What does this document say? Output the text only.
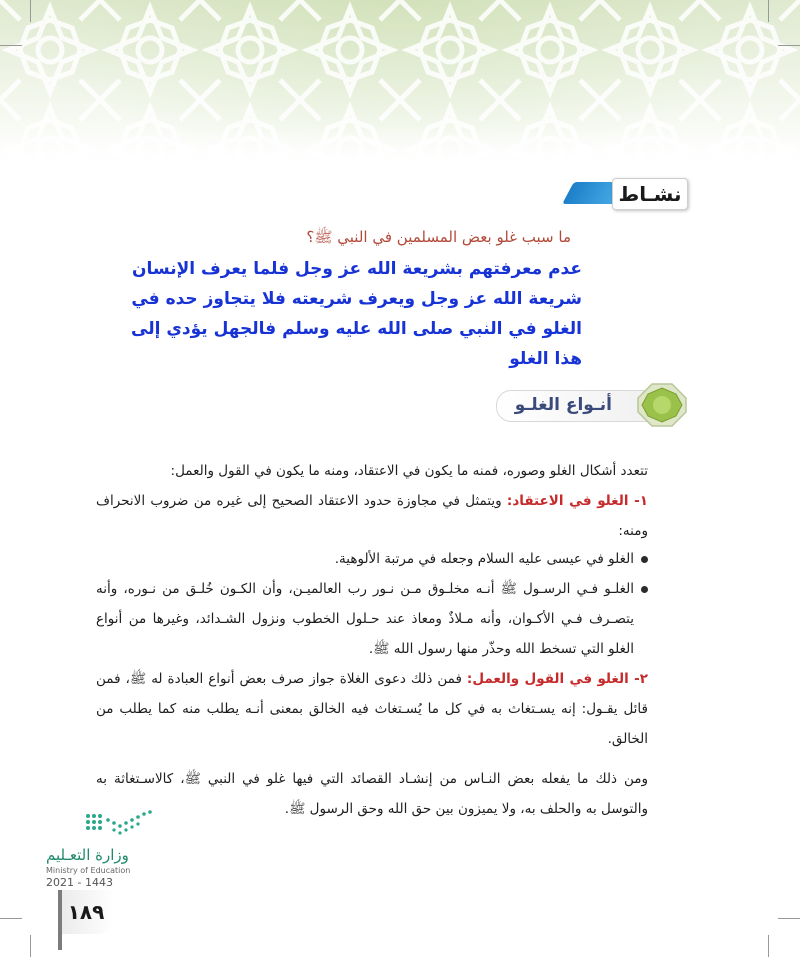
نشـاط
ما سبب غلو بعض المسلمين في النبي ﷺ؟
عدم معرفتهم بشريعة الله عز وجل فلما يعرف الإنسان شريعة الله عز وجل ويعرف شريعته فلا يتجاوز حده في الغلو في النبي صلى الله عليه وسلم فالجهل يؤدي إلى هذا الغلو
أنـواع الغلـو
تتعدد أشكال الغلو وصوره، فمنه ما يكون في الاعتقاد، ومنه ما يكون في القول والعمل:
١- الغلو في الاعتقاد: ويتمثل في مجاوزة حدود الاعتقاد الصحيح إلى غيره من ضروب الانحراف ومنه:
الغلو في عيسى عليه السلام وجعله في مرتبة الألوهية.
الغلـو فـي الرسـول ﷺ أنـه مخلـوق مـن نـور رب العالميـن، وأن الكـون خُلـق من نـوره، وأنه يتصـرف فـي الأكـوان، وأنه مـلاذٌ ومعاذ عند حـلول الخطوب ونزول الشـدائد، وغيرها من أنواع الغلو التي تسخط الله وحذّر منها رسول الله ﷺ.
٢- الغلو في القول والعمل: فمن ذلك دعوى الغلاة جواز صرف بعض أنواع العبادة له ﷺ، فمن قائل يقـول: إنه يسـتغاث به في كل ما يُسـتغاث فيه الخالق بمعنى أنـه يطلب منه كما يطلب من الخالق.
ومن ذلك ما يفعله بعض النـاس من إنشـاد القصائد التي فيها غلو في النبي ﷺ، كالاسـتغاثة به والتوسل به والحلف به، ولا يميزون بين حق الله وحق الرسول ﷺ.
وزارة التعـليم
Ministry of Education
2021 - 1443
١٨٩
